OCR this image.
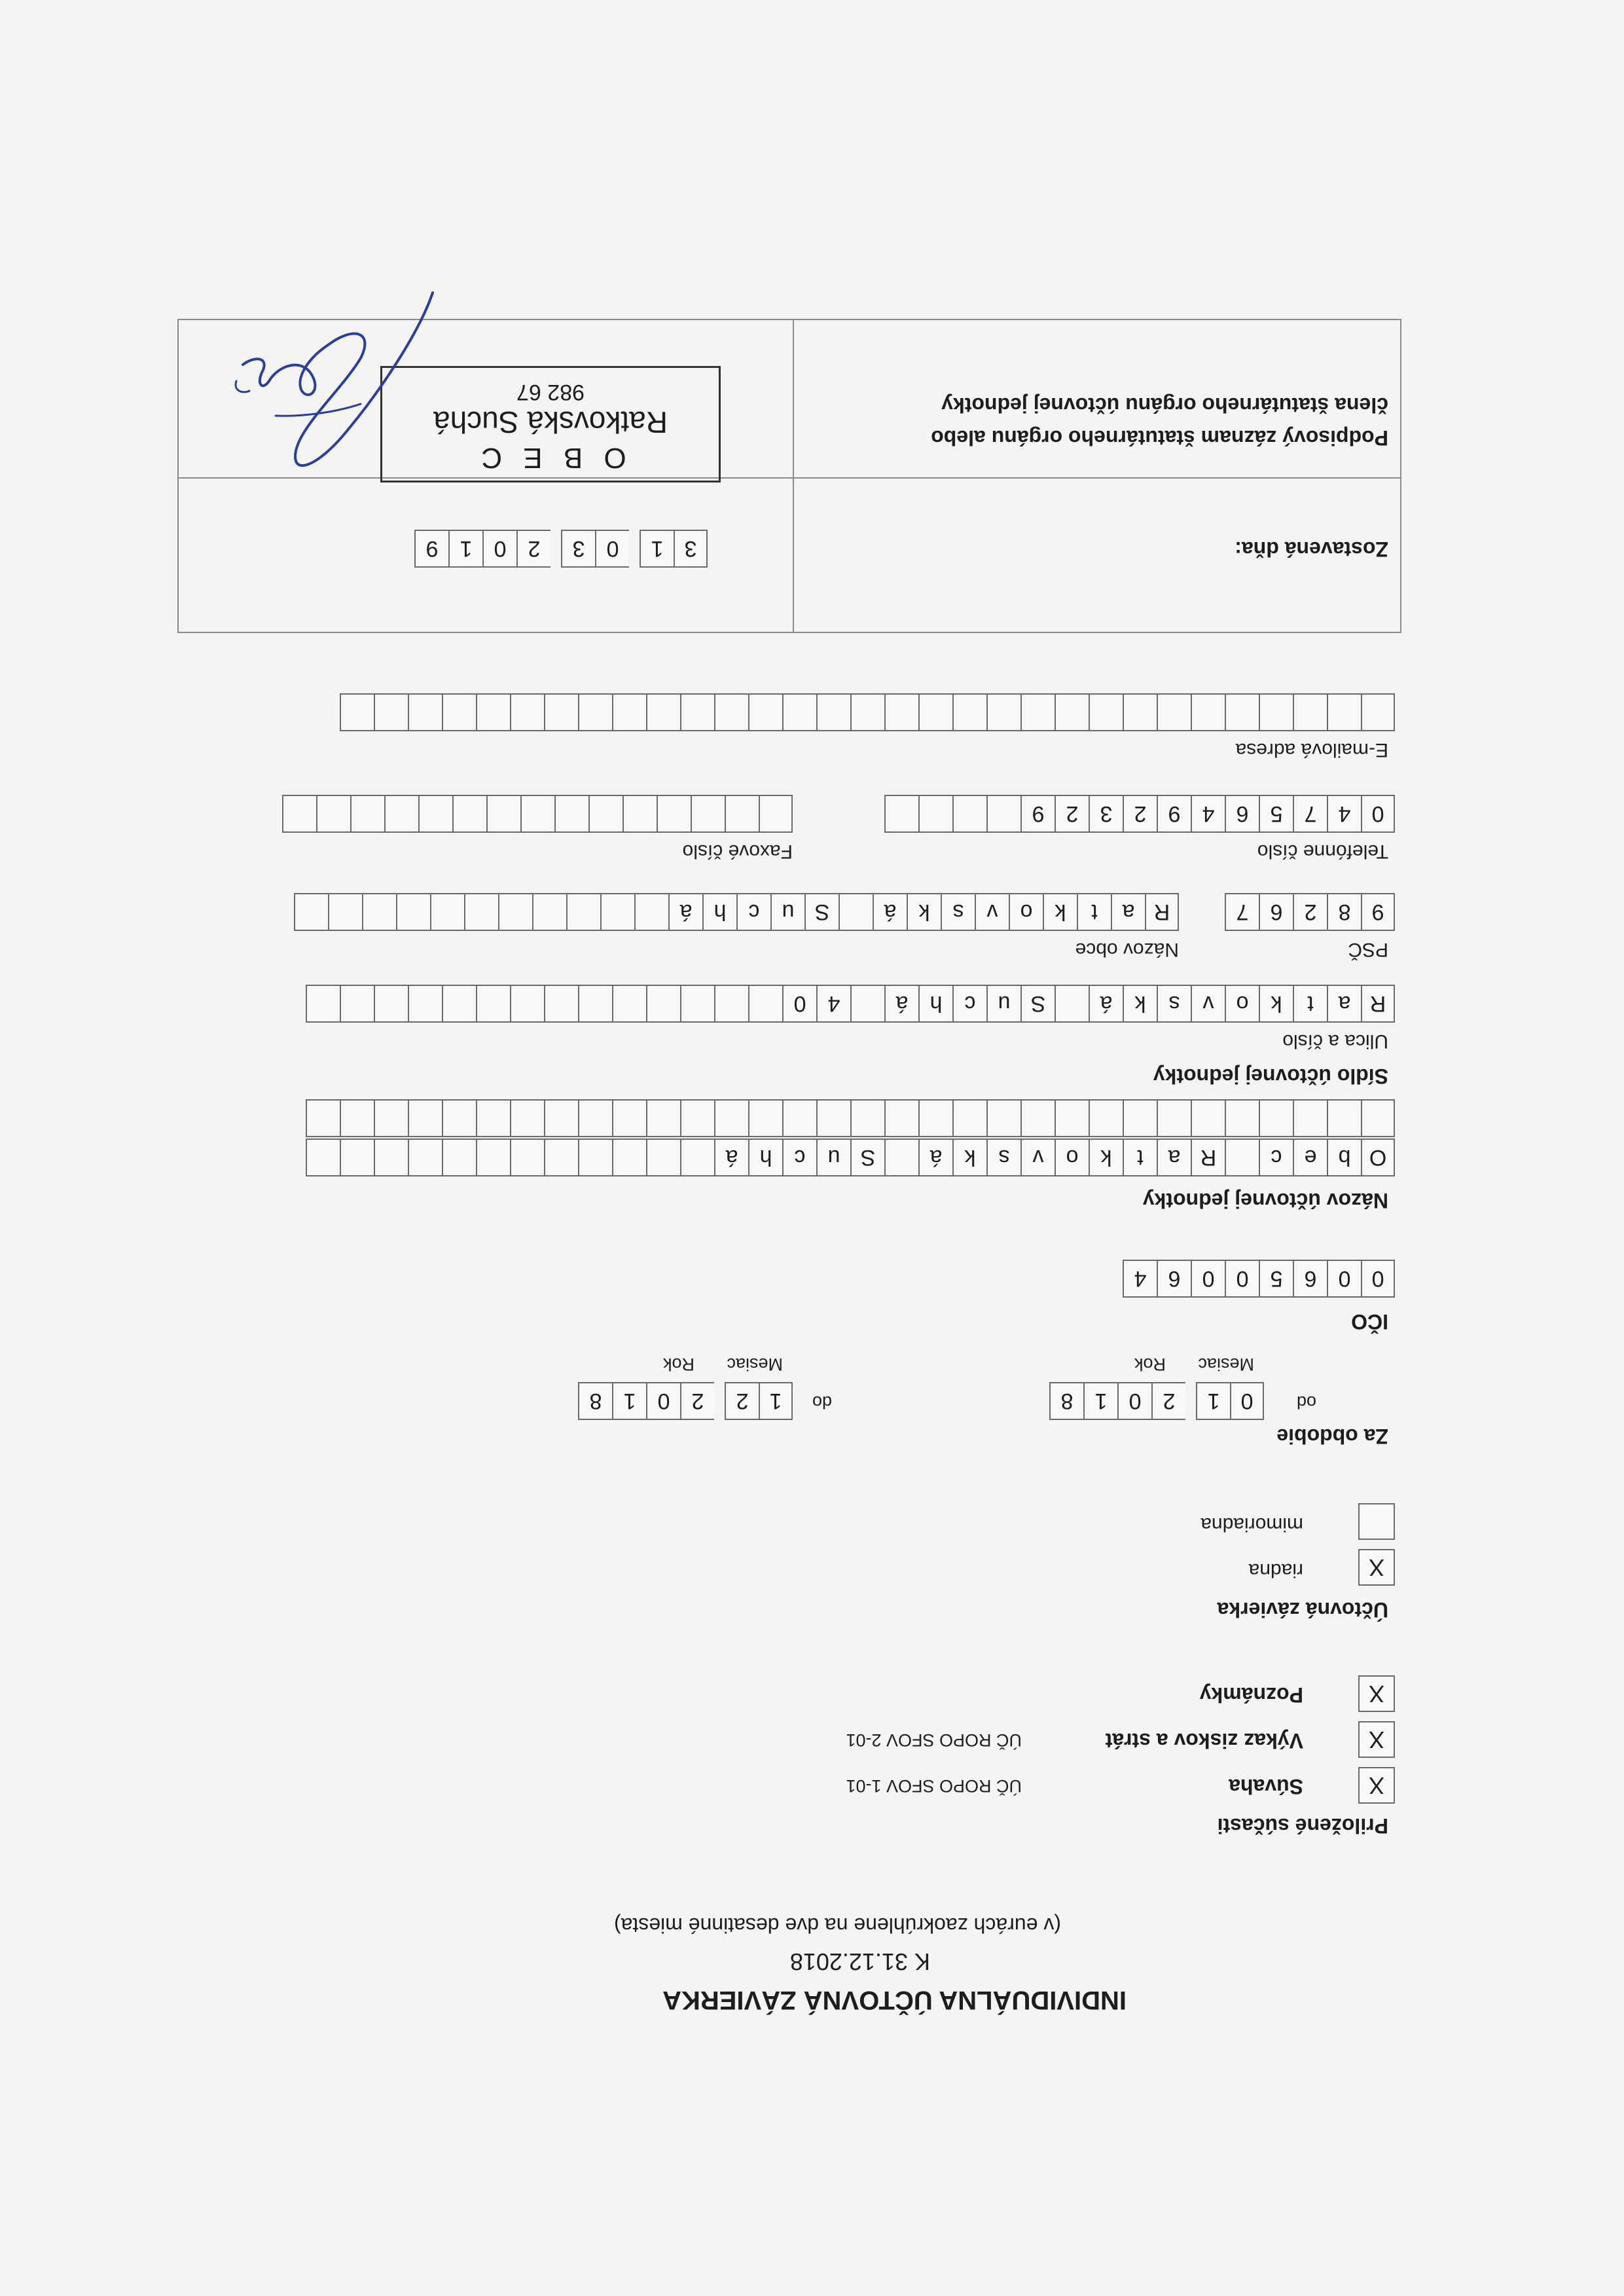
INDIVIDUÁLNA ÚČTOVNÁ ZÁVIERKA
K 31.12.2018
(v eurách zaokrúhlene na dve desatinné miesta)
Priložené súčasti
X
Súvaha
ÚČ ROPO SFOV 1-01
X
Výkaz ziskov a strát
ÚČ ROPO SFOV 2-01
X
Poznámky
Účtovná závierka
X
riadna
mimoriadna
Za obdobie
od
0
1
2
0
1
8
Mesiac
Rok
do
1
2
2
0
1
8
Mesiac
Rok
IČO
0
0
6
5
0
0
6
4
Názov účtovnej jednotky
O
b
e
c
R
a
t
k
o
v
s
k
á
S
u
c
h
á
Sídlo účtovnej jednotky
Ulica a číslo
R
a
t
k
o
v
s
k
á
S
u
c
h
á
4
0
PSČ
Názov obce
9
8
2
6
7
R
a
t
k
o
v
s
k
á
S
u
c
h
á
Telefónne číslo
Faxové číslo
0
4
7
5
6
4
9
2
3
2
9
E-mailová adresa
Zostavená dňa:
3
1
0
3
2
0
1
9
Podpisový záznam štatutárneho orgánu alebo
člena štatutárneho orgánu účtovnej jednotky
O B E C
Ratkovská Suchá
982 67
